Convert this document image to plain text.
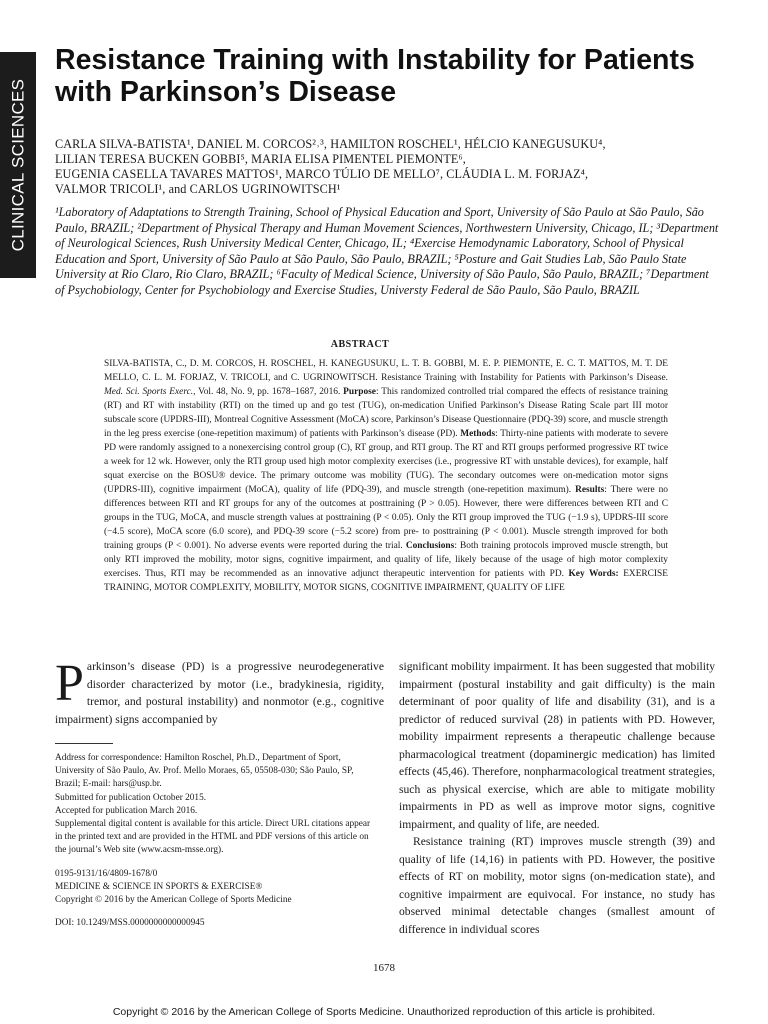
CLINICAL SCIENCES
Resistance Training with Instability for Patients
with Parkinson’s Disease
CARLA SILVA-BATISTA¹, DANIEL M. CORCOS²˒³, HAMILTON ROSCHEL¹, HÉLCIO KANEGUSUKU⁴,
LILIAN TERESA BUCKEN GOBBI⁵, MARIA ELISA PIMENTEL PIEMONTE⁶,
EUGENIA CASELLA TAVARES MATTOS¹, MARCO TÚLIO DE MELLO⁷, CLÁUDIA L. M. FORJAZ⁴,
VALMOR TRICOLI¹, and CARLOS UGRINOWITSCH¹
¹Laboratory of Adaptations to Strength Training, School of Physical Education and Sport, University of São Paulo at São Paulo, São Paulo, BRAZIL; ²Department of Physical Therapy and Human Movement Sciences, Northwestern University, Chicago, IL; ³Department of Neurological Sciences, Rush University Medical Center, Chicago, IL; ⁴Exercise Hemodynamic Laboratory, School of Physical Education and Sport, University of São Paulo at São Paulo, São Paulo, BRAZIL; ⁵Posture and Gait Studies Lab, São Paulo State University at Rio Claro, Rio Claro, BRAZIL; ⁶Faculty of Medical Science, University of São Paulo, São Paulo, BRAZIL; ⁷Department of Psychobiology, Center for Psychobiology and Exercise Studies, Universty Federal de São Paulo, São Paulo, BRAZIL
ABSTRACT
SILVA-BATISTA, C., D. M. CORCOS, H. ROSCHEL, H. KANEGUSUKU, L. T. B. GOBBI, M. E. P. PIEMONTE, E. C. T. MATTOS, M. T. DE MELLO, C. L. M. FORJAZ, V. TRICOLI, and C. UGRINOWITSCH. Resistance Training with Instability for Patients with Parkinson’s Disease. Med. Sci. Sports Exerc., Vol. 48, No. 9, pp. 1678–1687, 2016. Purpose: This randomized controlled trial compared the effects of resistance training (RT) and RT with instability (RTI) on the timed up and go test (TUG), on-medication Unified Parkinson’s Disease Rating Scale part III motor subscale score (UPDRS-III), Montreal Cognitive Assessment (MoCA) score, Parkinson’s Disease Questionnaire (PDQ-39) score, and muscle strength in the leg press exercise (one-repetition maximum) of patients with Parkinson’s disease (PD). Methods: Thirty-nine patients with moderate to severe PD were randomly assigned to a nonexercising control group (C), RT group, and RTI group. The RT and RTI groups performed progressive RT twice a week for 12 wk. However, only the RTI group used high motor complexity exercises (i.e., progressive RT with unstable devices), for example, half squat exercise on the BOSU® device. The primary outcome was mobility (TUG). The secondary outcomes were on-medication motor signs (UPDRS-III), cognitive impairment (MoCA), quality of life (PDQ-39), and muscle strength (one-repetition maximum). Results: There were no differences between RTI and RT groups for any of the outcomes at posttraining (P > 0.05). However, there were differences between RTI and C groups in the TUG, MoCA, and muscle strength values at posttraining (P < 0.05). Only the RTI group improved the TUG (−1.9 s), UPDRS-III score (−4.5 score), MoCA score (6.0 score), and PDQ-39 score (−5.2 score) from pre- to posttraining (P < 0.001). Muscle strength improved for both training groups (P < 0.001). No adverse events were reported during the trial. Conclusions: Both training protocols improved muscle strength, but only RTI improved the mobility, motor signs, cognitive impairment, and quality of life, likely because of the usage of high motor complexity exercises. Thus, RTI may be recommended as an innovative adjunct therapeutic intervention for patients with PD. Key Words: EXERCISE TRAINING, MOTOR COMPLEXITY, MOBILITY, MOTOR SIGNS, COGNITIVE IMPAIRMENT, QUALITY OF LIFE
Parkinson’s disease (PD) is a progressive neurodegenerative disorder characterized by motor (i.e., bradykinesia, rigidity, tremor, and postural instability) and nonmotor (e.g., cognitive impairment) signs accompanied by
Address for correspondence: Hamilton Roschel, Ph.D., Department of Sport, University of São Paulo, Av. Prof. Mello Moraes, 65, 05508-030; São Paulo, SP, Brazil; E-mail: hars@usp.br.
Submitted for publication October 2015.
Accepted for publication March 2016.
Supplemental digital content is available for this article. Direct URL citations appear in the printed text and are provided in the HTML and PDF versions of this article on the journal’s Web site (www.acsm-msse.org).
0195-9131/16/4809-1678/0
MEDICINE & SCIENCE IN SPORTS & EXERCISE®
Copyright © 2016 by the American College of Sports Medicine
DOI: 10.1249/MSS.0000000000000945

significant mobility impairment. It has been suggested that mobility impairment (postural instability and gait difficulty) is the main determinant of poor quality of life and disability (31), and is a predictor of reduced survival (28) in patients with PD. However, mobility impairment represents a therapeutic challenge because pharmacological treatment (dopaminergic medication) has limited effects (45,46). Therefore, nonpharmacological treatment strategies, such as physical exercise, which are able to mitigate mobility impairments in PD as well as improve motor signs, cognitive impairment, and quality of life, are needed.

Resistance training (RT) improves muscle strength (39) and quality of life (14,16) in patients with PD. However, the positive effects of RT on mobility, motor signs (on-medication state), and cognitive impairment are equivocal. For instance, no study has observed minimal detectable changes (smallest amount of difference in individual scores

1678
Copyright © 2016 by the American College of Sports Medicine. Unauthorized reproduction of this article is prohibited.
